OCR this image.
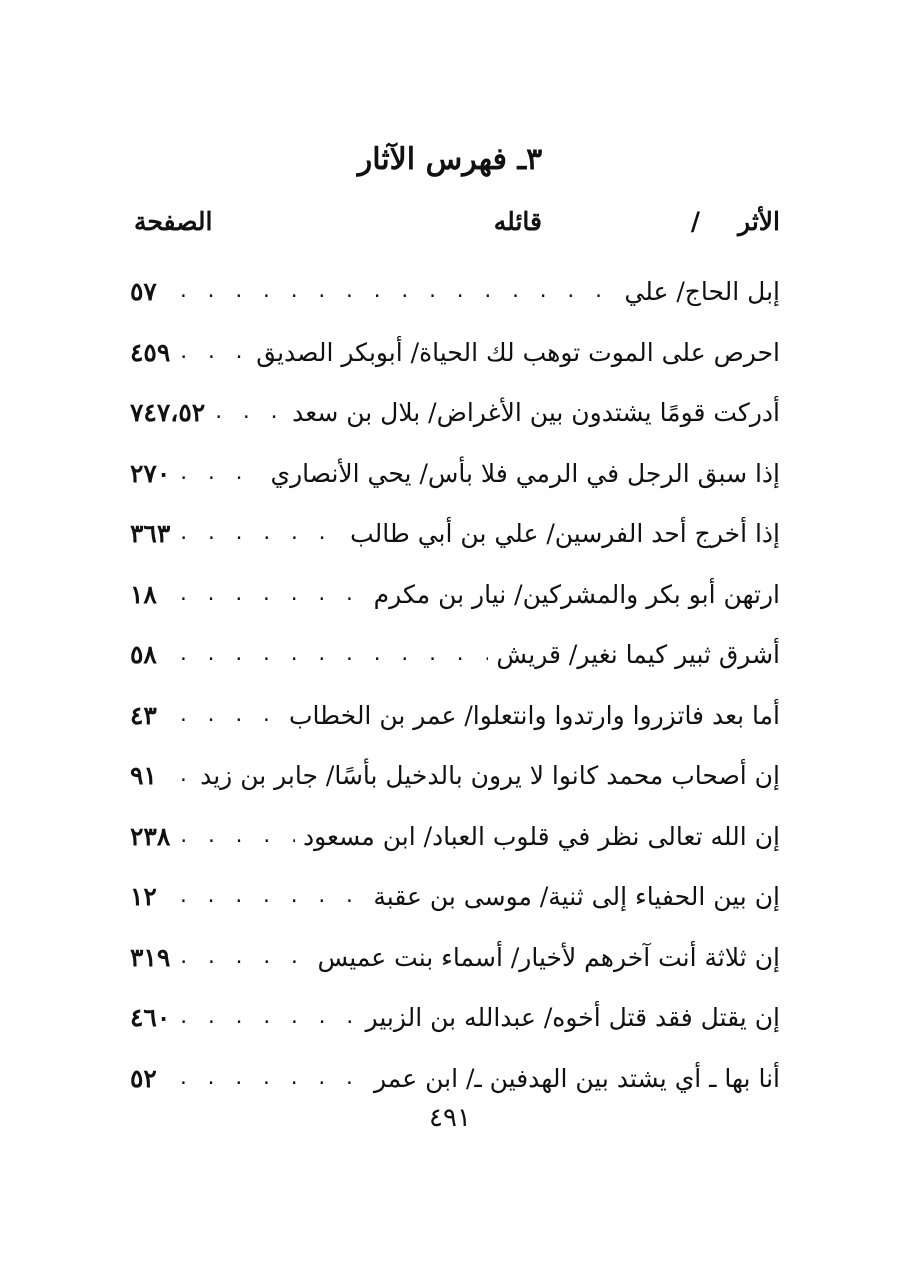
٣ـ فهرس الآثار
الأثر
/
قائله
الصفحة
إبل الحاج/ علي
. . .
٥٧
احرص على الموت توهب لك الحياة/ أبوبكر الصديق
. . .
٤٥٩
أدركت قومًا يشتدون بين الأغراض/ بلال بن سعد
. . .
٧٤٧،٥٢
إذا سبق الرجل في الرمي فلا بأس/ يحي الأنصاري
. . .
٢٧٠
إذا أخرج أحد الفرسين/ علي بن أبي طالب
. . .
٣٦٣
ارتهن أبو بكر والمشركين/ نيار بن مكرم
. . .
١٨
أشرق ثبير كيما نغير/ قريش
. . .
٥٨
أما بعد فاتزروا وارتدوا وانتعلوا/ عمر بن الخطاب
. . .
٤٣
إن أصحاب محمد كانوا لا يرون بالدخيل بأسًا/ جابر بن زيد
. . .
٩١
إن الله تعالى نظر في قلوب العباد/ ابن مسعود
. . .
٢٣٨
إن بين الحفياء إلى ثنية/ موسى بن عقبة
. . .
١٢
إن ثلاثة أنت آخرهم لأخيار/ أسماء بنت عميس
. . .
٣١٩
إن يقتل فقد قتل أخوه/ عبدالله بن الزبير
. . .
٤٦٠
أنا بها ـ أي يشتد بين الهدفين ـ/ ابن عمر
. . .
٥٢
٤٩١
